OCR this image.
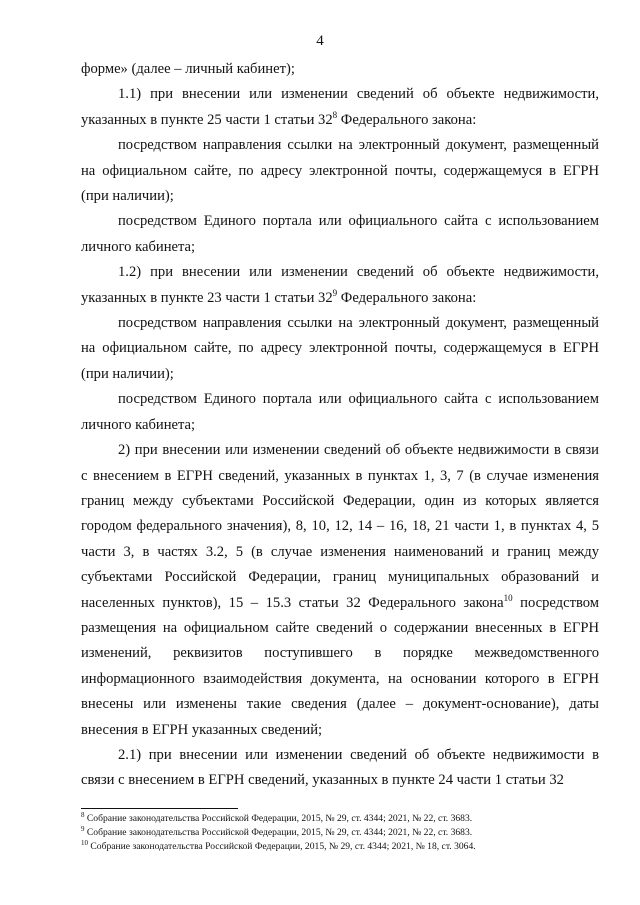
4

форме» (далее – личный кабинет);

1.1) при внесении или изменении сведений об объекте недвижимости, указанных в пункте 25 части 1 статьи $32^8$ Федерального закона:

посредством направления ссылки на электронный документ, размещенный на официальном сайте, по адресу электронной почты, содержащемуся в ЕГРН (при наличии);

посредством Единого портала или официального сайта с использованием личного кабинета;

1.2) при внесении или изменении сведений об объекте недвижимости, указанных в пункте 23 части 1 статьи $32^9$ Федерального закона:

посредством направления ссылки на электронный документ, размещенный на официальном сайте, по адресу электронной почты, содержащемуся в ЕГРН (при наличии);

посредством Единого портала или официального сайта с использованием личного кабинета;

2) при внесении или изменении сведений об объекте недвижимости в связи с внесением в ЕГРН сведений, указанных в пунктах 1, 3, 7 (в случае изменения границ между субъектами Российской Федерации, один из которых является городом федерального значения), 8, 10, 12, 14 – 16, 18, 21 части 1, в пунктах 4, 5 части 3, в частях 3.2, 5 (в случае изменения наименований и границ между субъектами Российской Федерации, границ муниципальных образований и населенных пунктов), 15 – 15.3 статьи 32 Федерального закона$^{10}$ посредством размещения на официальном сайте сведений о содержании внесенных в ЕГРН изменений, реквизитов поступившего в порядке межведомственного информационного взаимодействия документа, на основании которого в ЕГРН внесены или изменены такие сведения (далее – документ-основание), даты внесения в ЕГРН указанных сведений;

2.1) при внесении или изменении сведений об объекте недвижимости в связи с внесением в ЕГРН сведений, указанных в пункте 24 части 1 статьи 32

$^8$ Собрание законодательства Российской Федерации, 2015, № 29, ст. 4344; 2021, № 22, ст. 3683.

$^9$ Собрание законодательства Российской Федерации, 2015, № 29, ст. 4344; 2021, № 22, ст. 3683.

$^{10}$ Собрание законодательства Российской Федерации, 2015, № 29, ст. 4344; 2021, № 18, ст. 3064.
